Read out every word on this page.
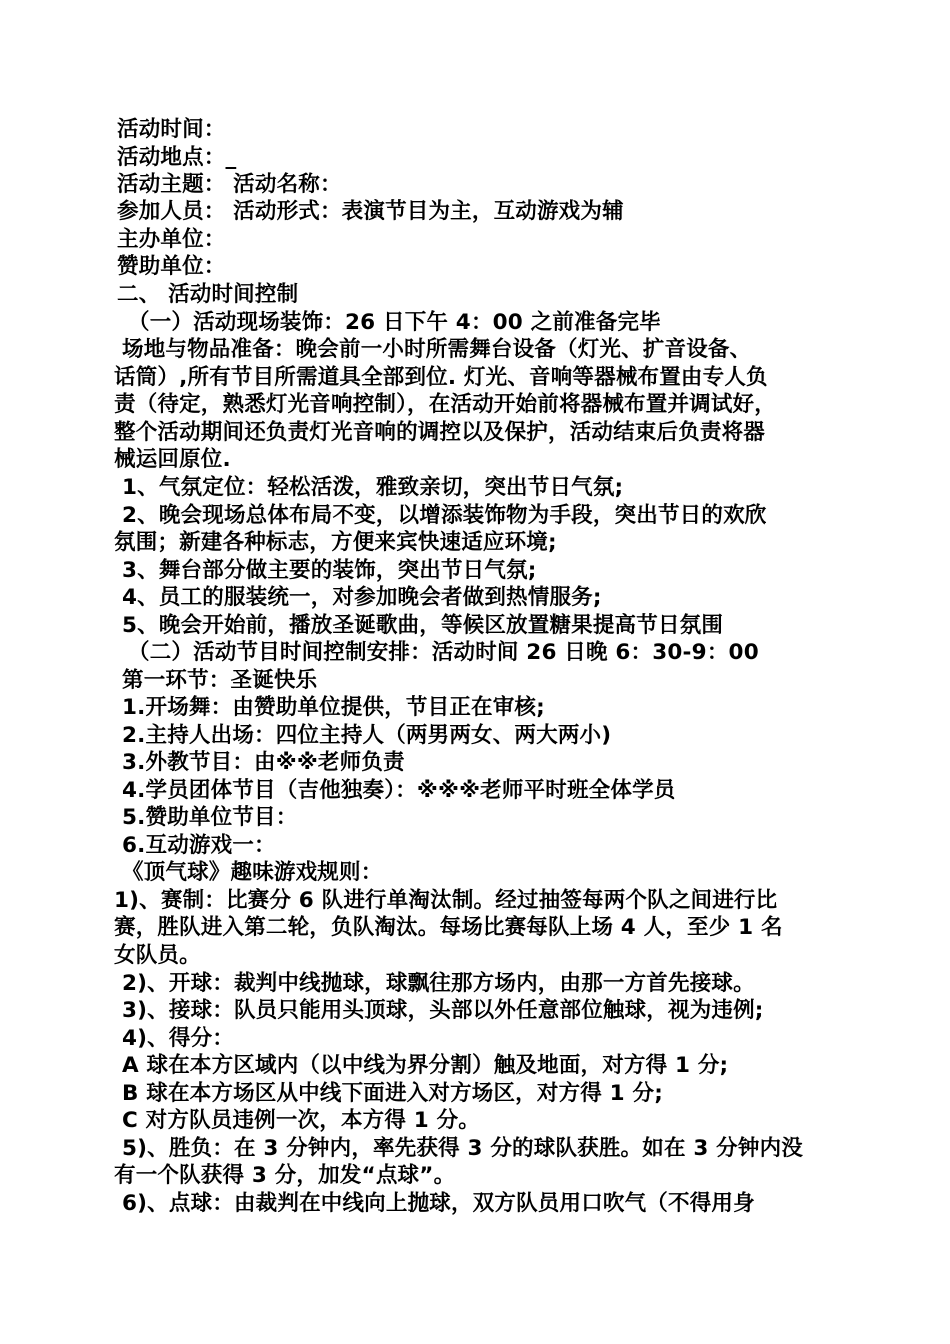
活动时间：
活动地点：_
活动主题： 活动名称：
参加人员： 活动形式：表演节目为主，互动游戏为辅
主办单位：
赞助单位：
二、 活动时间控制
（一）活动现场装饰：26 日下午 4：00 之前准备完毕
场地与物品准备：晚会前一小时所需舞台设备（灯光、扩音设备、
话筒）,所有节目所需道具全部到位. 灯光、音响等器械布置由专人负
责（待定，熟悉灯光音响控制），在活动开始前将器械布置并调试好，
整个活动期间还负责灯光音响的调控以及保护，活动结束后负责将器
械运回原位.
1、气氛定位：轻松活泼，雅致亲切，突出节日气氛;
2、晚会现场总体布局不变，以增添装饰物为手段，突出节日的欢欣
氛围；新建各种标志，方便来宾快速适应环境;
3、舞台部分做主要的装饰，突出节日气氛;
4、员工的服装统一，对参加晚会者做到热情服务;
5、晚会开始前，播放圣诞歌曲，等候区放置糖果提高节日氛围
（二）活动节目时间控制安排：活动时间 26 日晚 6：30-9：00
第一环节：圣诞快乐
1.开场舞：由赞助单位提供，节目正在审核;
2.主持人出场：四位主持人（两男两女、两大两小)
3.外教节目：由※※老师负责
4.学员团体节目（吉他独奏）：※※※老师平时班全体学员
5.赞助单位节目：
6.互动游戏一：
《顶气球》趣味游戏规则：
1)、赛制：比赛分 6 队进行单淘汰制。经过抽签每两个队之间进行比
赛，胜队进入第二轮，负队淘汰。每场比赛每队上场 4 人，至少 1 名
女队员。
2)、开球：裁判中线抛球，球飘往那方场内，由那一方首先接球。
3)、接球：队员只能用头顶球，头部以外任意部位触球，视为违例;
4)、得分：
A 球在本方区域内（以中线为界分割）触及地面，对方得 1 分;
B 球在本方场区从中线下面进入对方场区，对方得 1 分;
C 对方队员违例一次，本方得 1 分。
5)、胜负：在 3 分钟内，率先获得 3 分的球队获胜。如在 3 分钟内没
有一个队获得 3 分，加发“点球”。
6)、点球：由裁判在中线向上抛球，双方队员用口吹气（不得用身
